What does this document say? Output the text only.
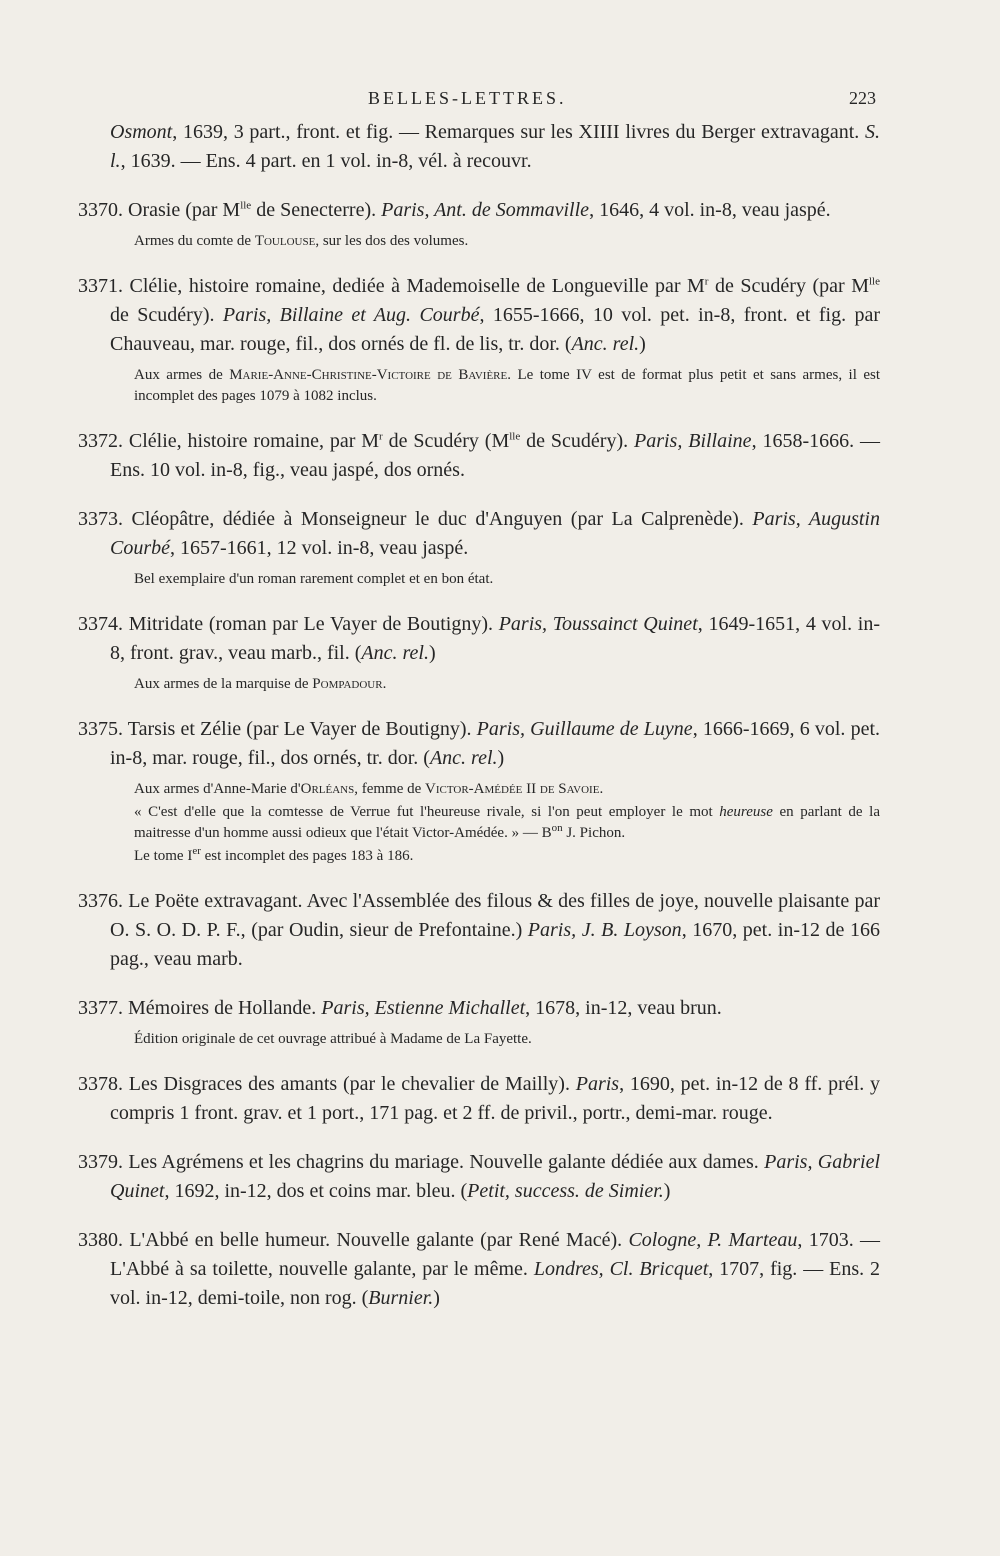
BELLES-LETTRES.	223

Osmont, 1639, 3 part., front. et fig. — Remarques sur les XIIII livres du Berger extravagant. S. l., 1639. — Ens. 4 part. en 1 vol. in-8, vél. à recouvr.

3370. Orasie (par $M^{lle}$ de Senecterre). Paris, Ant. de Sommaville, 1646, 4 vol. in-8, veau jaspé.

Armes du comte de Toulouse, sur les dos des volumes.

3371. Clélie, histoire romaine, dediée à Mademoiselle de Longueville par $M^r$ de Scudéry (par $M^{lle}$ de Scudéry). Paris, Billaine et Aug. Courbé, 1655-1666, 10 vol. pet. in-8, front. et fig. par Chauveau, mar. rouge, fil., dos ornés de fl. de lis, tr. dor. (Anc. rel.)

Aux armes de Marie-Anne-Christine-Victoire de Bavière. Le tome IV est de format plus petit et sans armes, il est incomplet des pages 1079 à 1082 inclus.

3372. Clélie, histoire romaine, par $M^r$ de Scudéry ($M^{lle}$ de Scudéry). Paris, Billaine, 1658-1666. — Ens. 10 vol. in-8, fig., veau jaspé, dos ornés.

3373. Cléopâtre, dédiée à Monseigneur le duc d'Anguyen (par La Calprenède). Paris, Augustin Courbé, 1657-1661, 12 vol. in-8, veau jaspé.

Bel exemplaire d'un roman rarement complet et en bon état.

3374. Mitridate (roman par Le Vayer de Boutigny). Paris, Toussainct Quinet, 1649-1651, 4 vol. in-8, front. grav., veau marb., fil. (Anc. rel.)

Aux armes de la marquise de Pompadour.

3375. Tarsis et Zélie (par Le Vayer de Boutigny). Paris, Guillaume de Luyne, 1666-1669, 6 vol. pet. in-8, mar. rouge, fil., dos ornés, tr. dor. (Anc. rel.)

Aux armes d'Anne-Marie d'Orléans, femme de Victor-Amédée II de Savoie.

« C'est d'elle que la comtesse de Verrue fut l'heureuse rivale, si l'on peut employer le mot heureuse en parlant de la maitresse d'un homme aussi odieux que l'était Victor-Amédée. » — $B^{on}$ J. Pichon.

Le tome Ier est incomplet des pages 183 à 186.

3376. Le Poëte extravagant. Avec l'Assemblée des filous & des filles de joye, nouvelle plaisante par O. S. O. D. P. F., (par Oudin, sieur de Prefontaine.) Paris, J. B. Loyson, 1670, pet. in-12 de 166 pag., veau marb.

3377. Mémoires de Hollande. Paris, Estienne Michallet, 1678, in-12, veau brun.

Édition originale de cet ouvrage attribué à Madame de La Fayette.

3378. Les Disgraces des amants (par le chevalier de Mailly). Paris, 1690, pet. in-12 de 8 ff. prél. y compris 1 front. grav. et 1 port., 171 pag. et 2 ff. de privil., portr., demi-mar. rouge.

3379. Les Agrémens et les chagrins du mariage. Nouvelle galante dédiée aux dames. Paris, Gabriel Quinet, 1692, in-12, dos et coins mar. bleu. (Petit, success. de Simier.)

3380. L'Abbé en belle humeur. Nouvelle galante (par René Macé). Cologne, P. Marteau, 1703. — L'Abbé à sa toilette, nouvelle galante, par le même. Londres, Cl. Bricquet, 1707, fig. — Ens. 2 vol. in-12, demi-toile, non rog. (Burnier.)
